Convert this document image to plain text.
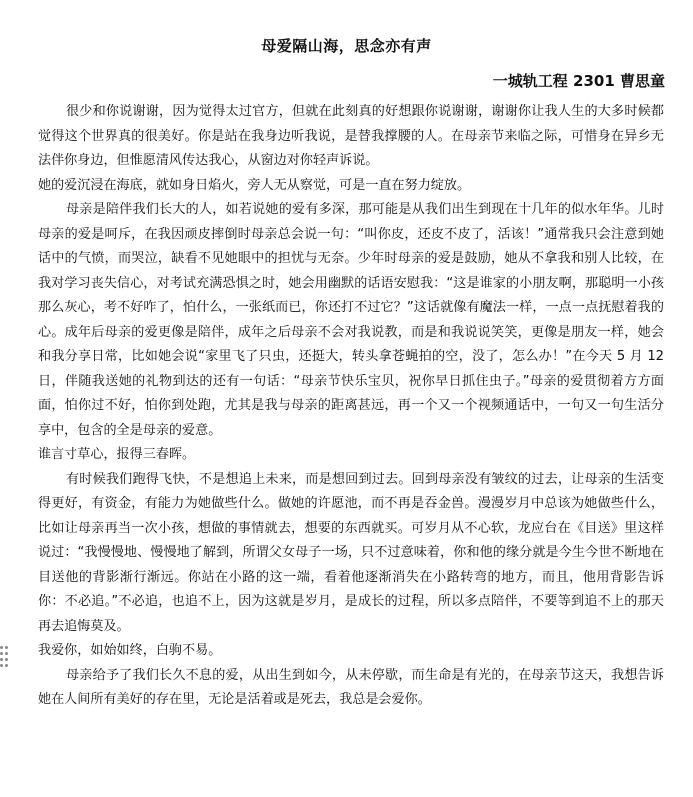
母爱隔山海，思念亦有声
一城轨工程 2301 曹思童

很少和你说谢谢，因为觉得太过官方，但就在此刻真的好想跟你说谢谢，谢谢你让我人生的大多时候都觉得这个世界真的很美好。你是站在我身边听我说，是替我撑腰的人。在母亲节来临之际，可惜身在异乡无法伴你身边，但惟愿清风传达我心，从窗边对你轻声诉说。

她的爱沉浸在海底，就如身日焰火，旁人无从察觉，可是一直在努力绽放。

母亲是陪伴我们长大的人，如若说她的爱有多深，那可能是从我们出生到现在十几年的似水年华。儿时母亲的爱是呵斥，在我因顽皮摔倒时母亲总会说一句：“叫你皮，还皮不皮了，活该！”通常我只会注意到她话中的气愤，而哭泣，缺看不见她眼中的担忧与无奈。少年时母亲的爱是鼓励，她从不拿我和别人比较，在我对学习丧失信心，对考试充满恐惧之时，她会用幽默的话语安慰我：“这是谁家的小朋友啊，那聪明一小孩那么灰心，考不好咋了，怕什么，一张纸而已，你还打不过它？”这话就像有魔法一样，一点一点抚慰着我的心。成年后母亲的爱更像是陪伴，成年之后母亲不会对我说教，而是和我说说笑笑，更像是朋友一样，她会和我分享日常，比如她会说“家里飞了只虫，还挺大，转头拿苍蝇拍的空，没了，怎么办！”在今天 5 月 12 日，伴随我送她的礼物到达的还有一句话：“母亲节快乐宝贝，祝你早日抓住虫子。”母亲的爱贯彻着方方面面，怕你过不好，怕你到处跑，尤其是我与母亲的距离甚远，再一个又一个视频通话中，一句又一句生活分享中，包含的全是母亲的爱意。

谁言寸草心，报得三春晖。

有时候我们跑得飞快，不是想追上未来，而是想回到过去。回到母亲没有皱纹的过去，让母亲的生活变得更好，有资金，有能力为她做些什么。做她的许愿池，而不再是吞金兽。漫漫岁月中总该为她做些什么，比如让母亲再当一次小孩，想做的事情就去，想要的东西就买。可岁月从不心软，龙应台在《目送》里这样说过：“我慢慢地、慢慢地了解到，所谓父女母子一场，只不过意味着，你和他的缘分就是今生今世不断地在目送他的背影渐行渐远。你站在小路的这一端，看着他逐渐消失在小路转弯的地方，而且，他用背影告诉你：不必追。”不必追，也追不上，因为这就是岁月，是成长的过程，所以多点陪伴，不要等到追不上的那天再去追悔莫及。

我爱你，如始如终，白驹不易。

母亲给予了我们长久不息的爱，从出生到如今，从未停歇，而生命是有光的，在母亲节这天，我想告诉她在人间所有美好的存在里，无论是活着或是死去，我总是会爱你。
